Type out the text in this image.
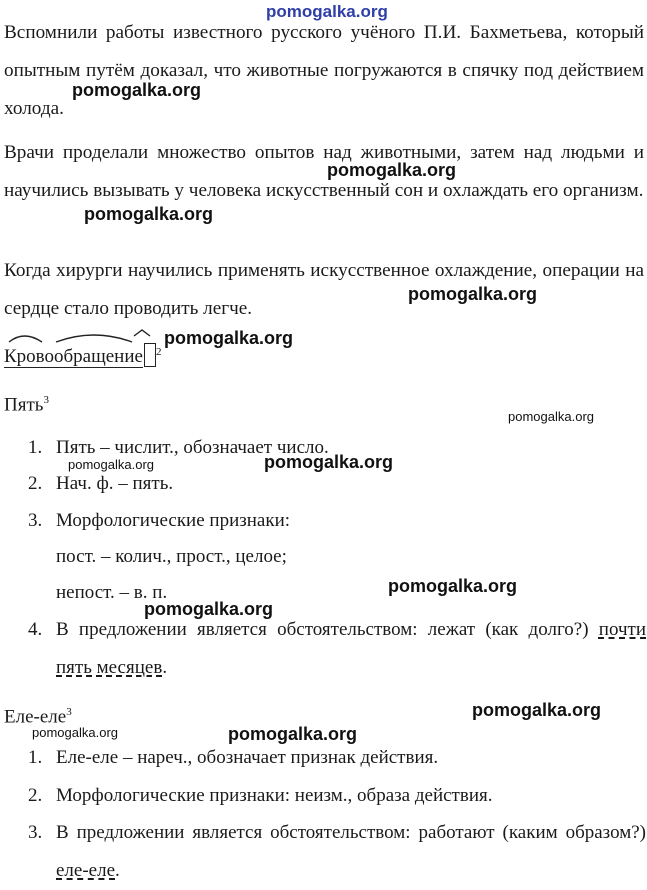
pomogalka.org
pomogalka.org
pomogalka.org
pomogalka.org
pomogalka.org
pomogalka.org
pomogalka.org
pomogalka.org	pomogalka.org
pomogalka.org
pomogalka.org
pomogalka.org
pomogalka.org	pomogalka.org

Вспомнили работы известного русского учёного П.И. Бахметьева, который опытным путём доказал, что животные погружаются в спячку под действием холода.

Врачи проделали множество опытов над животными, затем над людьми и научились вызывать у человека искусственный сон и охлаждать его организм.

Когда хирурги научились применять искусственное охлаждение, операции на сердце стало проводить легче.

Кровообращение $^2$
Пять$^3$
1. Пять – числит., обозначает число.
2. Нач. ф. – пять.
3. Морфологические признаки:
пост. – колич., прост., целое;
непост. – в. п.
4. В предложении является обстоятельством: лежат (как долго?) почти пять месяцев.

Еле-еле$^3$
1. Еле-еле – нареч., обозначает признак действия.
2. Морфологические признаки: неизм., образа действия.
3. В предложении является обстоятельством: работают (каким образом?) еле-еле.
